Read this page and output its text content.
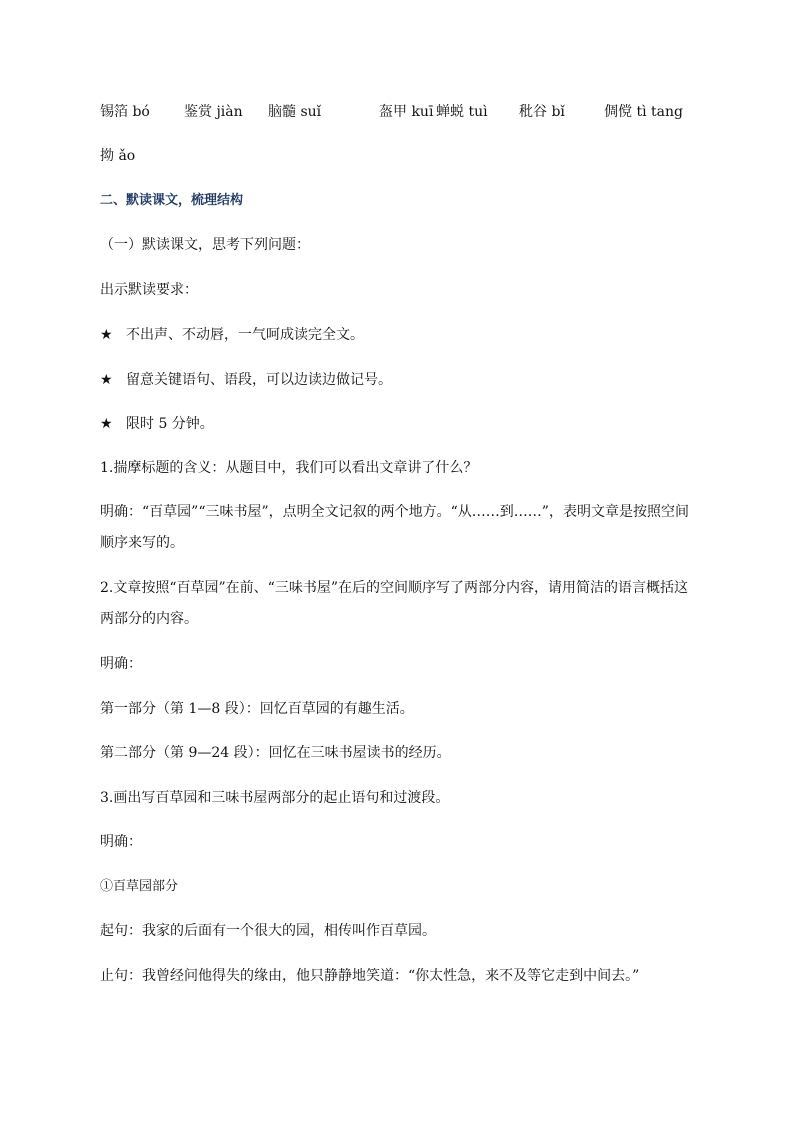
锡箔 bó 鉴赏 jiàn 脑髓 suǐ	盔甲 kuī 蝉蜕 tuì 秕谷 bǐ	倜傥 tì tang
拗 ǎo
二、默读课文，梳理结构
（一）默读课文，思考下列问题：
出示默读要求：
★ 不出声、不动唇，一气呵成读完全文。
★ 留意关键语句、语段，可以边读边做记号。
★ 限时 5 分钟。
1.揣摩标题的含义：从题目中，我们可以看出文章讲了什么？
明确：“百草园”“三味书屋”，点明全文记叙的两个地方。“从……到……”，表明文章是按照空间顺序来写的。
2.文章按照“百草园”在前、“三味书屋”在后的空间顺序写了两部分内容，请用简洁的语言概括这两部分的内容。
明确：
第一部分（第 1—8 段）：回忆百草园的有趣生活。
第二部分（第 9—24 段）：回忆在三味书屋读书的经历。
3.画出写百草园和三味书屋两部分的起止语句和过渡段。
明确：
①百草园部分
起句：我家的后面有一个很大的园，相传叫作百草园。
止句：我曾经问他得失的缘由，他只静静地笑道：“你太性急，来不及等它走到中间去。”
